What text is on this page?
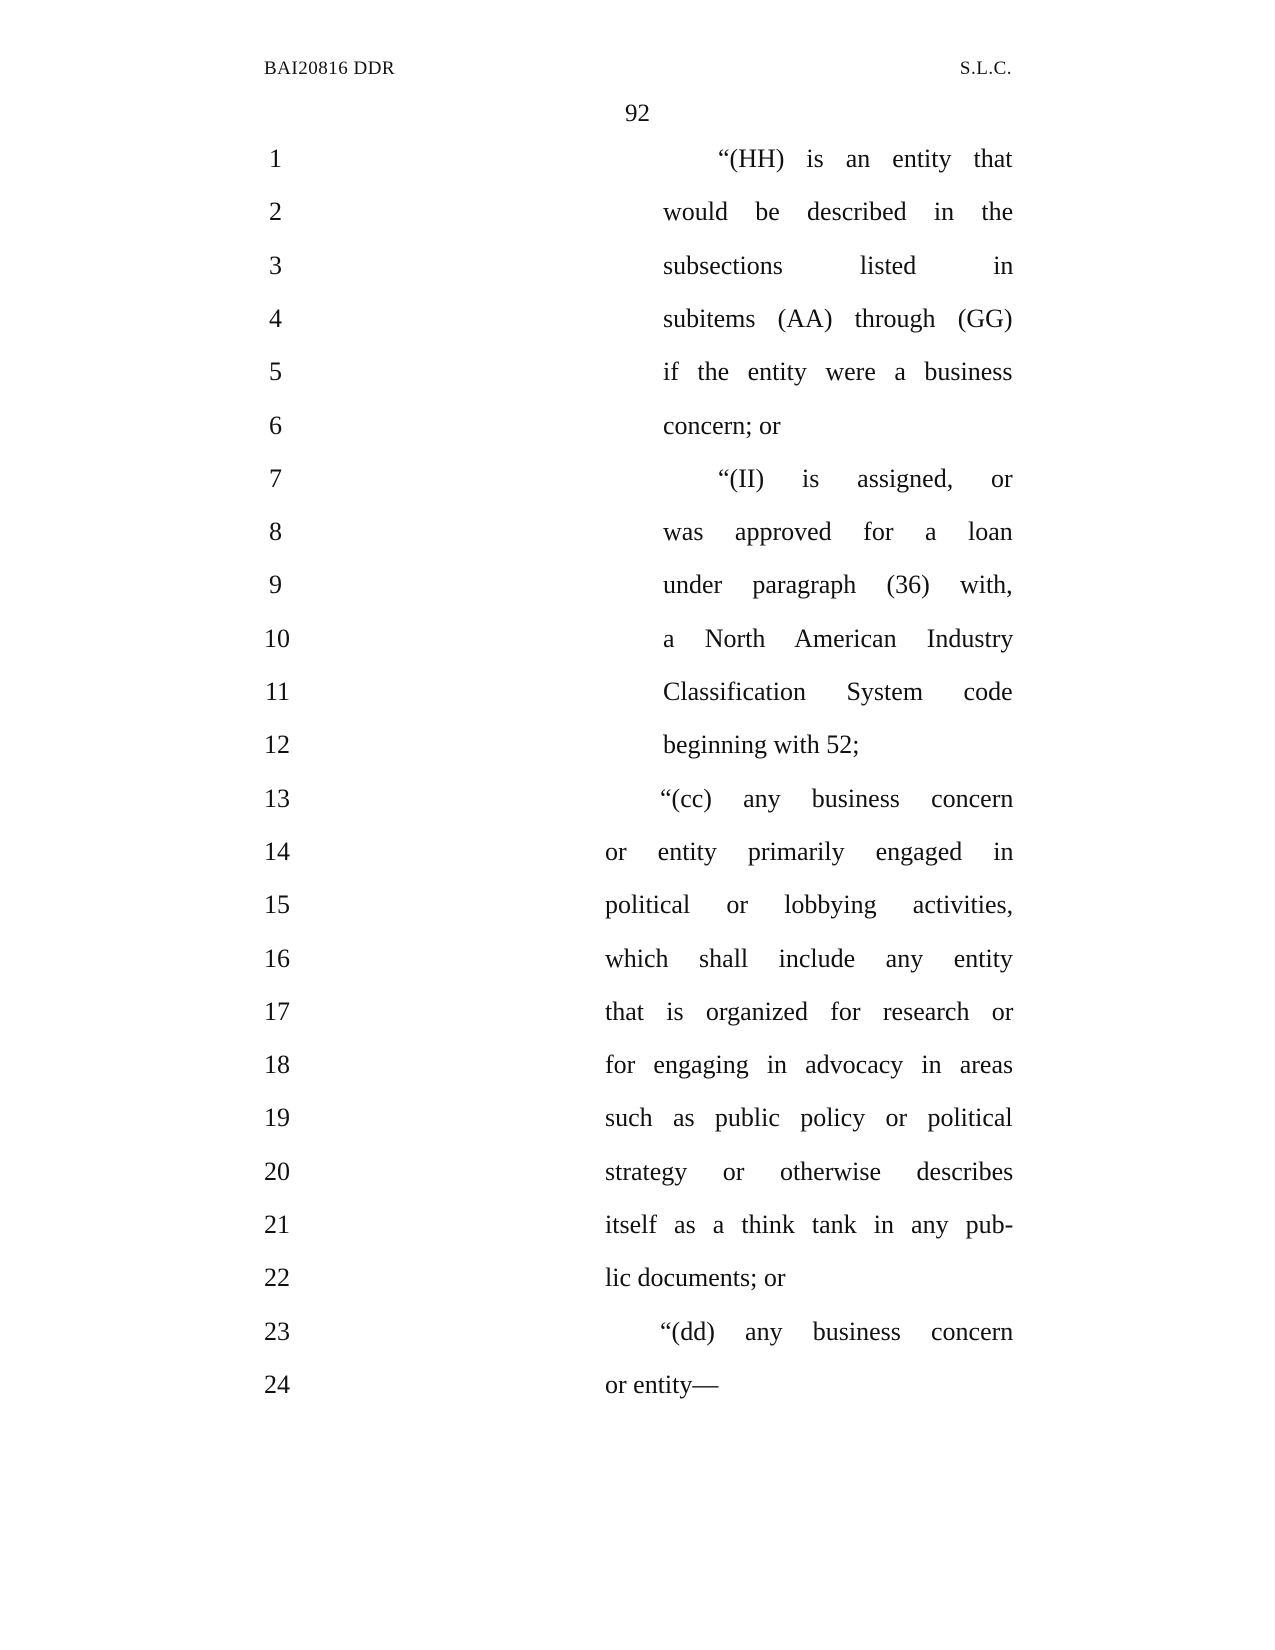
BAI20816 DDR	S.L.C.
92
1	“(HH) is an entity that
2	would be described in the
3	subsections listed in
4	subitems (AA) through (GG)
5	if the entity were a business
6	concern; or
7	“(II) is assigned, or
8	was approved for a loan
9	under paragraph (36) with,
10	a North American Industry
11	Classification System code
12	beginning with 52;
13	“(cc) any business concern
14	or entity primarily engaged in
15	political or lobbying activities,
16	which shall include any entity
17	that is organized for research or
18	for engaging in advocacy in areas
19	such as public policy or political
20	strategy or otherwise describes
21	itself as a think tank in any pub-
22	lic documents; or
23	“(dd) any business concern
24	or entity—
